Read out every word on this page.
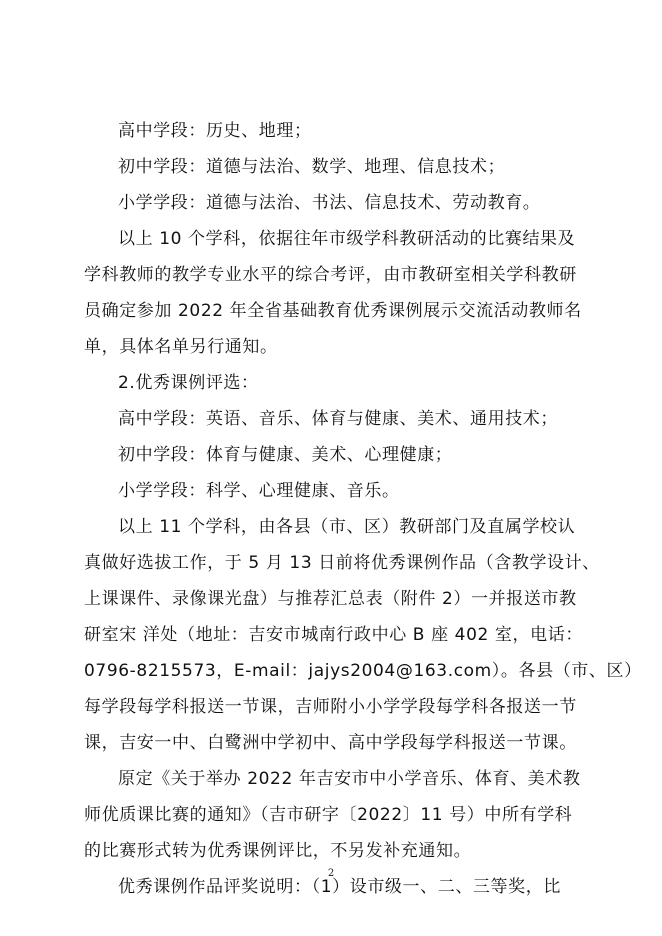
高中学段：历史、地理；
初中学段：道德与法治、数学、地理、信息技术；
小学学段：道德与法治、书法、信息技术、劳动教育。
以上 10 个学科，依据往年市级学科教研活动的比赛结果及
学科教师的教学专业水平的综合考评，由市教研室相关学科教研
员确定参加 2022 年全省基础教育优秀课例展示交流活动教师名
单，具体名单另行通知。
2.优秀课例评选：
高中学段：英语、音乐、体育与健康、美术、通用技术；
初中学段：体育与健康、美术、心理健康；
小学学段：科学、心理健康、音乐。
以上 11 个学科，由各县（市、区）教研部门及直属学校认
真做好选拔工作，于 5 月 13 日前将优秀课例作品（含教学设计、
上课课件、录像课光盘）与推荐汇总表（附件 2）一并报送市教
研室宋 洋处（地址：吉安市城南行政中心 B 座 402 室，电话：
0796-8215573，E-mail：jajys2004@163.com）。各县（市、区）
每学段每学科报送一节课，吉师附小小学学段每学科各报送一节
课，吉安一中、白鹭洲中学初中、高中学段每学科报送一节课。
原定《关于举办 2022 年吉安市中小学音乐、体育、美术教
师优质课比赛的通知》（吉市研字〔2022〕11 号）中所有学科
的比赛形式转为优秀课例评比，不另发补充通知。
优秀课例作品评奖说明：（1）设市级一、二、三等奖，比
2
